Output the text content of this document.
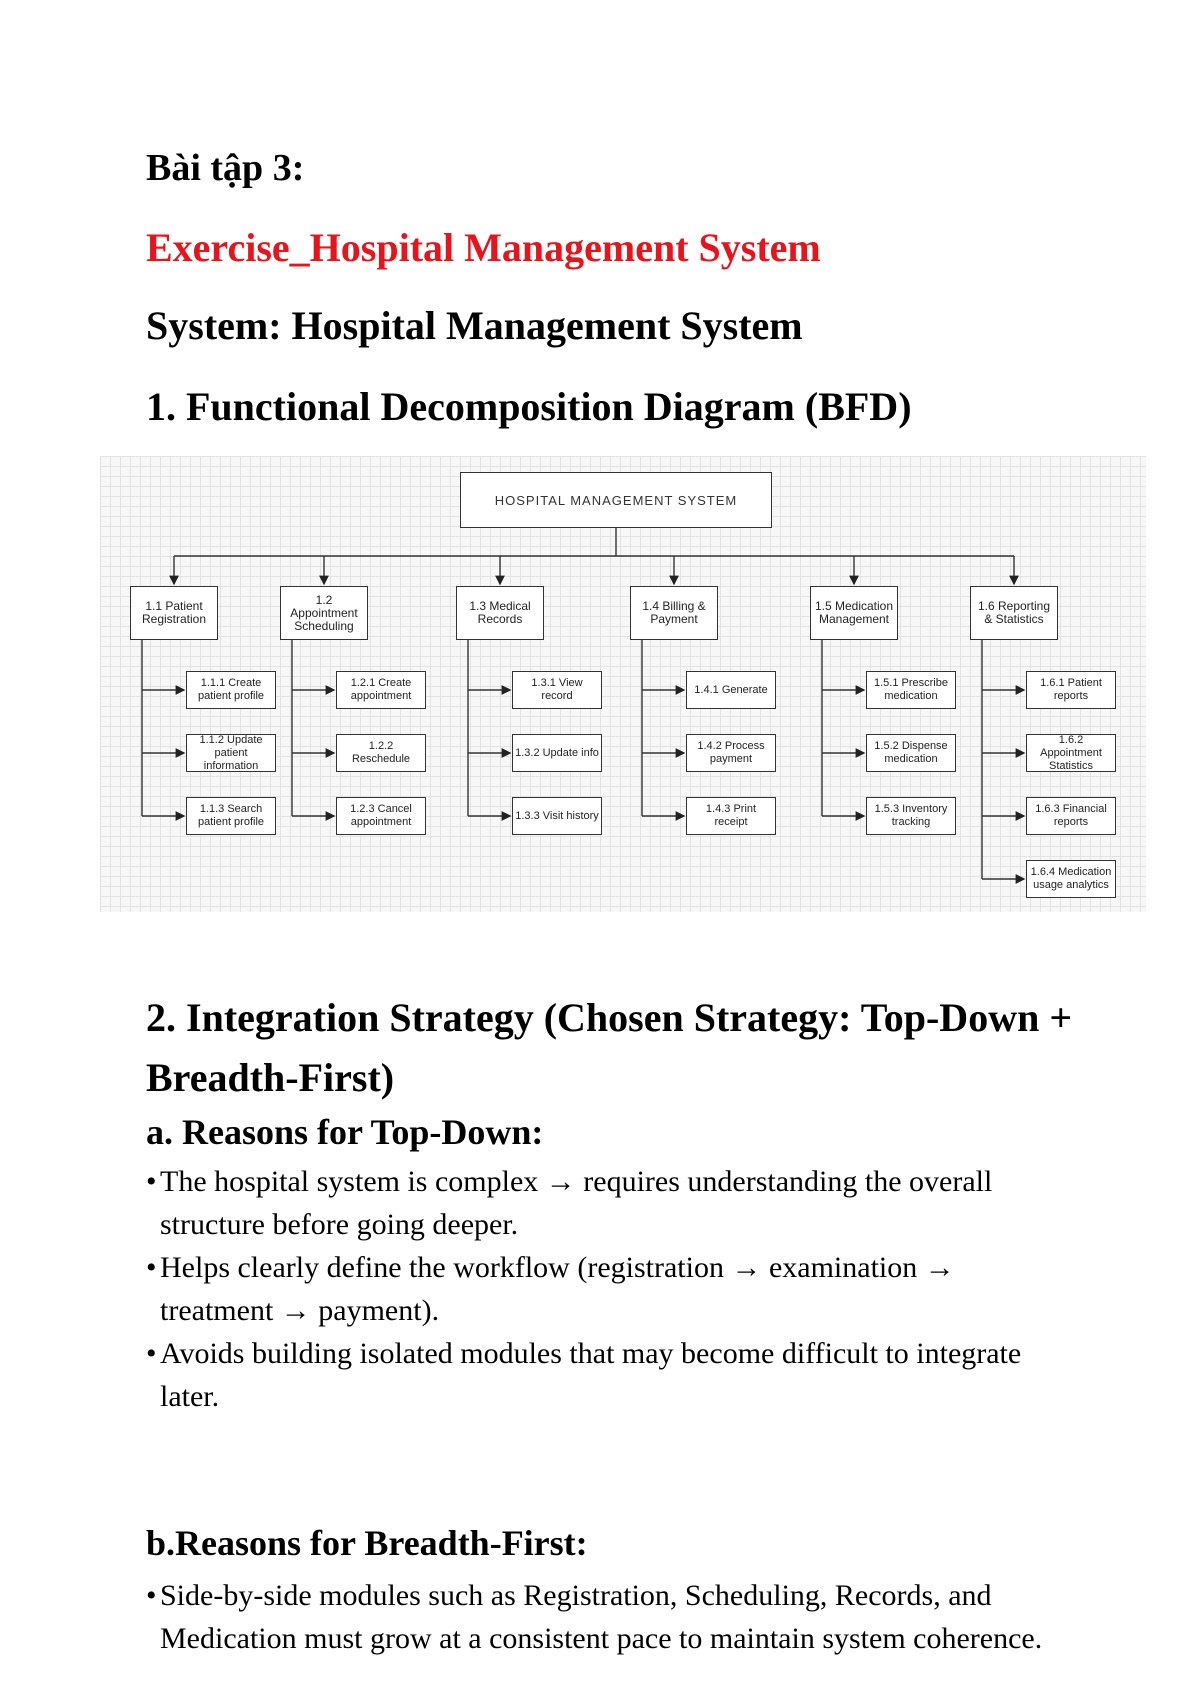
Bài tập 3:
Exercise_Hospital Management System
System: Hospital Management System
1. Functional Decomposition Diagram (BFD)
HOSPITAL MANAGEMENT SYSTEM
1.1 Patient Registration
1.1.1 Create patient profile
1.1.2 Update patient information
1.1.3 Search patient profile
1.2 Appointment Scheduling
1.2.1 Create appointment
1.2.2 Reschedule
1.2.3 Cancel appointment
1.3 Medical Records
1.3.1 View record
1.3.2 Update info
1.3.3 Visit history
1.4 Billing & Payment
1.4.1 Generate
1.4.2 Process payment
1.4.3 Print receipt
1.5 Medication Management
1.5.1 Prescribe medication
1.5.2 Dispense medication
1.5.3 Inventory tracking
1.6 Reporting & Statistics
1.6.1 Patient reports
1.6.2 Appointment Statistics
1.6.3 Financial reports
1.6.4 Medication usage analytics
2. Integration Strategy (Chosen Strategy: Top-Down + Breadth-First)
a. Reasons for Top-Down:
• The hospital system is complex → requires understanding the overall structure before going deeper.
• Helps clearly define the workflow (registration → examination → treatment → payment).
• Avoids building isolated modules that may become difficult to integrate later.
b.Reasons for Breadth-First:
• Side-by-side modules such as Registration, Scheduling, Records, and Medication must grow at a consistent pace to maintain system coherence.
